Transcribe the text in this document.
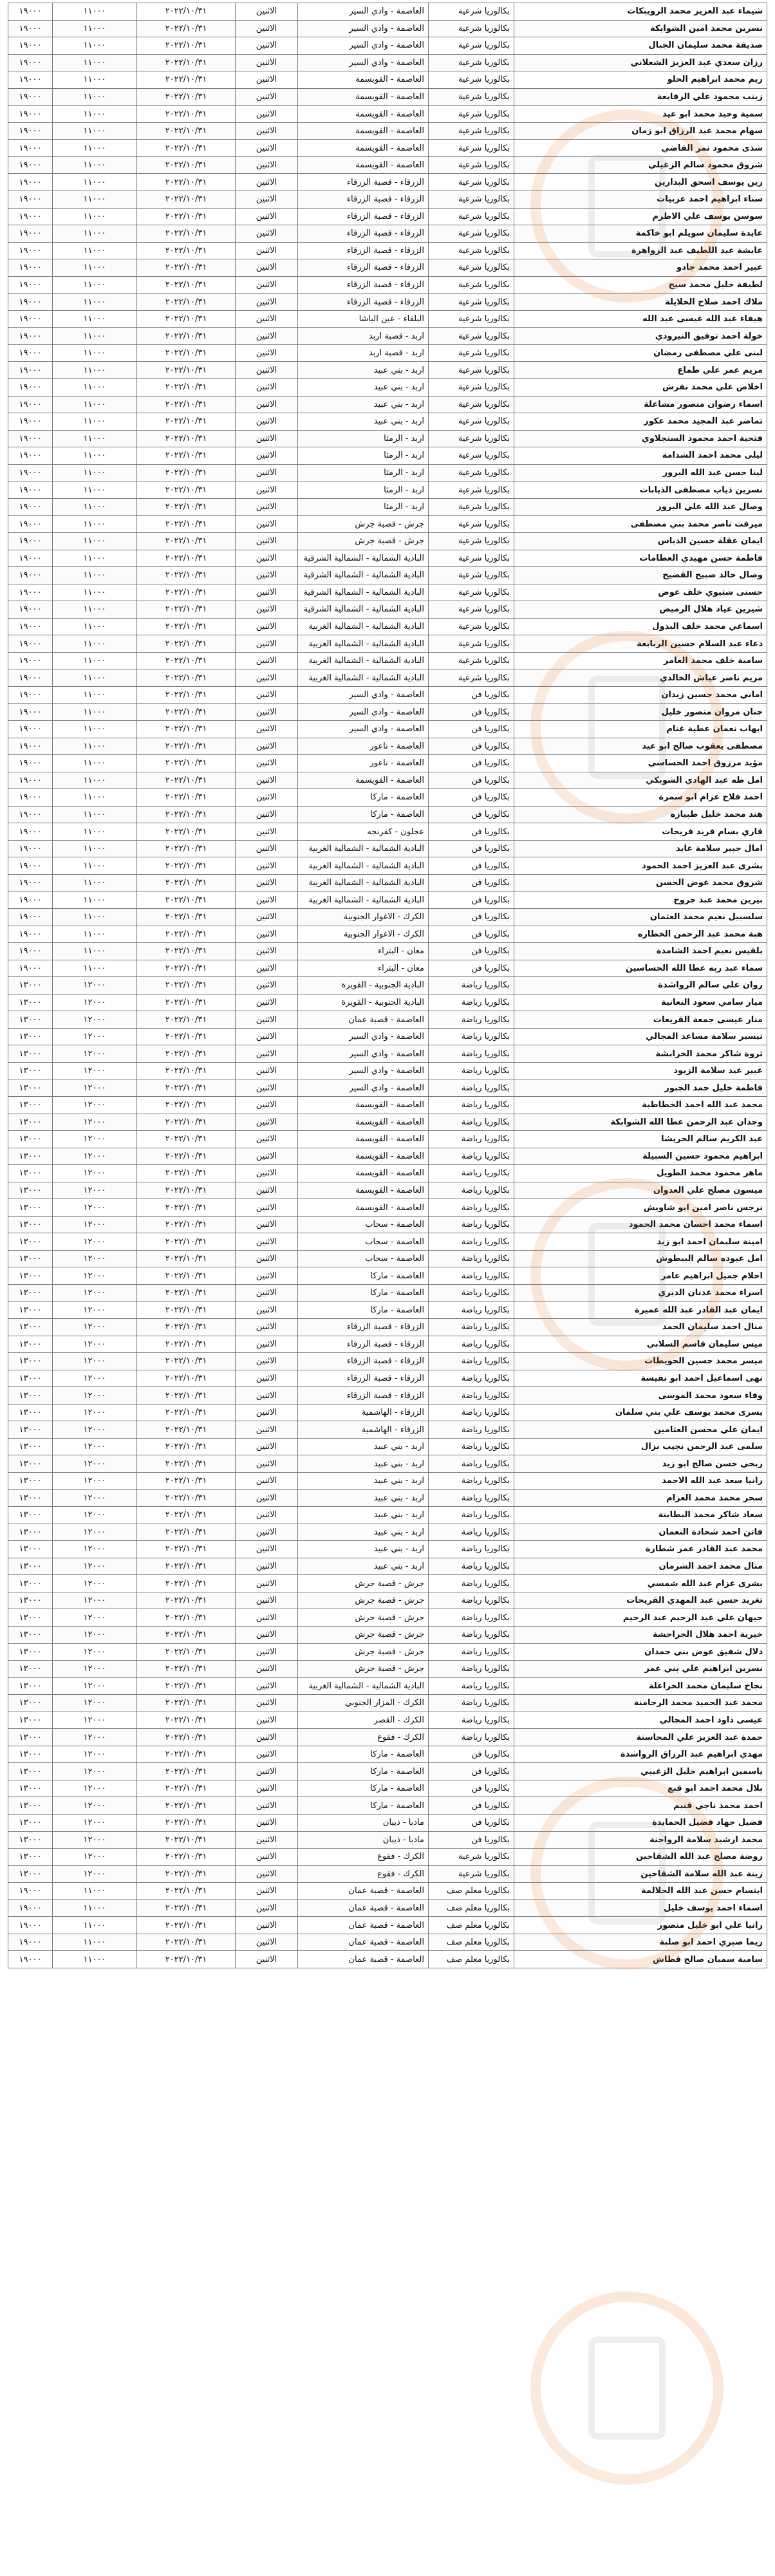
شيماء عبد العزيز محمد الرويبكات	بكالوريا شرعية	العاصمة - وادي السير	الاثنين	٢٠٢٢/١٠/٣١	١١٠٠٠	١٩٠٠٠
نسرين محمد امين الشوابكة	بكالوريا شرعية	العاصمة - وادي السير	الاثنين	٢٠٢٢/١٠/٣١	١١٠٠٠	١٩٠٠٠
صديقة محمد سليمان الجبال	بكالوريا شرعية	العاصمة - وادي السير	الاثنين	٢٠٢٢/١٠/٣١	١١٠٠٠	١٩٠٠٠
رزان سعدي عبد العزيز الشعلاني	بكالوريا شرعية	العاصمة - وادي السير	الاثنين	٢٠٢٢/١٠/٣١	١١٠٠٠	١٩٠٠٠
ريم محمد ابراهيم الحلو	بكالوريا شرعية	العاصمة - القويسمة	الاثنين	٢٠٢٢/١٠/٣١	١١٠٠٠	١٩٠٠٠
زينب محمود علي الرفايعة	بكالوريا شرعية	العاصمة - القويسمة	الاثنين	٢٠٢٢/١٠/٣١	١١٠٠٠	١٩٠٠٠
سمية وحيد محمد ابو عيد	بكالوريا شرعية	العاصمة - القويسمة	الاثنين	٢٠٢٢/١٠/٣١	١١٠٠٠	١٩٠٠٠
سهام محمد عبد الرزاق ابو زمان	بكالوريا شرعية	العاصمة - القويسمة	الاثنين	٢٠٢٢/١٠/٣١	١١٠٠٠	١٩٠٠٠
شذى محمود نمر القاضي	بكالوريا شرعية	العاصمة - القويسمة	الاثنين	٢٠٢٢/١٠/٣١	١١٠٠٠	١٩٠٠٠
شروق محمود سالم الزغيلي	بكالوريا شرعية	العاصمة - القويسمة	الاثنين	٢٠٢٢/١٠/٣١	١١٠٠٠	١٩٠٠٠
زين يوسف اسحق البدارين	بكالوريا شرعية	الزرقاء - قصبة الزرقاء	الاثنين	٢٠٢٢/١٠/٣١	١١٠٠٠	١٩٠٠٠
سناء ابراهيم احمد عربيات	بكالوريا شرعية	الزرقاء - قصبة الزرقاء	الاثنين	٢٠٢٢/١٠/٣١	١١٠٠٠	١٩٠٠٠
سوسن يوسف علي الاطرم	بكالوريا شرعية	الزرقاء - قصبة الزرقاء	الاثنين	٢٠٢٢/١٠/٣١	١١٠٠٠	١٩٠٠٠
عايدة سليمان سويلم ابو خاكمة	بكالوريا شرعية	الزرقاء - قصبة الزرقاء	الاثنين	٢٠٢٢/١٠/٣١	١١٠٠٠	١٩٠٠٠
عايشة عبد اللطيف عبد الزواهرة	بكالوريا شرعية	الزرقاء - قصبة الزرقاء	الاثنين	٢٠٢٢/١٠/٣١	١١٠٠٠	١٩٠٠٠
عبير احمد محمد جادو	بكالوريا شرعية	الزرقاء - قصبة الزرقاء	الاثنين	٢٠٢٢/١٠/٣١	١١٠٠٠	١٩٠٠٠
لطيفة خليل محمد سيح	بكالوريا شرعية	الزرقاء - قصبة الزرقاء	الاثنين	٢٠٢٢/١٠/٣١	١١٠٠٠	١٩٠٠٠
ملاك احمد صلاح الخلايلة	بكالوريا شرعية	الزرقاء - قصبة الزرقاء	الاثنين	٢٠٢٢/١٠/٣١	١١٠٠٠	١٩٠٠٠
هيفاء عبد الله عيسى عبد الله	بكالوريا شرعية	البلقاء - عين الباشا	الاثنين	٢٠٢٢/١٠/٣١	١١٠٠٠	١٩٠٠٠
خولة احمد توفيق النيرودي	بكالوريا شرعية	اربد - قصبة اربد	الاثنين	٢٠٢٢/١٠/٣١	١١٠٠٠	١٩٠٠٠
لبنى علي مصطفى رمضان	بكالوريا شرعية	اربد - قصبة اربد	الاثنين	٢٠٢٢/١٠/٣١	١١٠٠٠	١٩٠٠٠
مريم عمر علي طماع	بكالوريا شرعية	اربد - بني عبيد	الاثنين	٢٠٢٢/١٠/٣١	١١٠٠٠	١٩٠٠٠
اخلاص علي محمد نفرش	بكالوريا شرعية	اربد - بني عبيد	الاثنين	٢٠٢٢/١٠/٣١	١١٠٠٠	١٩٠٠٠
اسماء رضوان منصور مشاعلة	بكالوريا شرعية	اربد - بني عبيد	الاثنين	٢٠٢٢/١٠/٣١	١١٠٠٠	١٩٠٠٠
تماضر عبد المجيد محمد عكور	بكالوريا شرعية	اربد - بني عبيد	الاثنين	٢٠٢٢/١٠/٣١	١١٠٠٠	١٩٠٠٠
فتحية احمد محمود السنجلاوي	بكالوريا شرعية	اربد - الرمثا	الاثنين	٢٠٢٢/١٠/٣١	١١٠٠٠	١٩٠٠٠
ليلى محمد احمد الشدامة	بكالوريا شرعية	اربد - الرمثا	الاثنين	٢٠٢٢/١٠/٣١	١١٠٠٠	١٩٠٠٠
لينا حسن عبد الله البرور	بكالوريا شرعية	اربد - الرمثا	الاثنين	٢٠٢٢/١٠/٣١	١١٠٠٠	١٩٠٠٠
نسرين ذياب مصطفى الذيابات	بكالوريا شرعية	اربد - الرمثا	الاثنين	٢٠٢٢/١٠/٣١	١١٠٠٠	١٩٠٠٠
وصال عبد الله علي البرور	بكالوريا شرعية	اربد - الرمثا	الاثنين	٢٠٢٢/١٠/٣١	١١٠٠٠	١٩٠٠٠
ميرفت ناصر محمد بني مصطفى	بكالوريا شرعية	جرش - قصبة جرش	الاثنين	٢٠٢٢/١٠/٣١	١١٠٠٠	١٩٠٠٠
ايمان عقلة حسين الدباس	بكالوريا شرعية	جرش - قصبة جرش	الاثنين	٢٠٢٢/١٠/٣١	١١٠٠٠	١٩٠٠٠
فاطمة حسن مهيدي العطامات	بكالوريا شرعية	البادية الشمالية - الشمالية الشرقية	الاثنين	٢٠٢٢/١٠/٣١	١١٠٠٠	١٩٠٠٠
وصال خالد صبيح القضيح	بكالوريا شرعية	البادية الشمالية - الشمالية الشرقية	الاثنين	٢٠٢٢/١٠/٣١	١١٠٠٠	١٩٠٠٠
حسنى شتيوي خلف عوض	بكالوريا شرعية	البادية الشمالية - الشمالية الشرقية	الاثنين	٢٠٢٢/١٠/٣١	١١٠٠٠	١٩٠٠٠
شيرين عياد هلال الرميض	بكالوريا شرعية	البادية الشمالية - الشمالية الشرقية	الاثنين	٢٠٢٢/١٠/٣١	١١٠٠٠	١٩٠٠٠
اسماعي محمد خلف البدول	بكالوريا شرعية	البادية الشمالية - الشمالية الغربية	الاثنين	٢٠٢٢/١٠/٣١	١١٠٠٠	١٩٠٠٠
دعاء عبد السلام حسين الربابعة	بكالوريا شرعية	البادية الشمالية - الشمالية الغربية	الاثنين	٢٠٢٢/١٠/٣١	١١٠٠٠	١٩٠٠٠
سامية خلف محمد العامر	بكالوريا شرعية	البادية الشمالية - الشمالية الغربية	الاثنين	٢٠٢٢/١٠/٣١	١١٠٠٠	١٩٠٠٠
مريم ناصر عياش الخالدي	بكالوريا شرعية	البادية الشمالية - الشمالية الغربية	الاثنين	٢٠٢٢/١٠/٣١	١١٠٠٠	١٩٠٠٠
اماني محمد حسين زيدان	بكالوريا فن	العاصمة - وادي السير	الاثنين	٢٠٢٢/١٠/٣١	١١٠٠٠	١٩٠٠٠
جنان مروان منصور خليل	بكالوريا فن	العاصمة - وادي السير	الاثنين	٢٠٢٢/١٠/٣١	١١٠٠٠	١٩٠٠٠
ايهاب نعمان عطية غنام	بكالوريا فن	العاصمة - وادي السير	الاثنين	٢٠٢٢/١٠/٣١	١١٠٠٠	١٩٠٠٠
مصطفى يعقوب صالح ابو عيد	بكالوريا فن	العاصمة - ناعور	الاثنين	٢٠٢٢/١٠/٣١	١١٠٠٠	١٩٠٠٠
مؤيد مرزوق احمد الحساسي	بكالوريا فن	العاصمة - ناعور	الاثنين	٢٠٢٢/١٠/٣١	١١٠٠٠	١٩٠٠٠
امل طه عبد الهادي الشوبكي	بكالوريا فن	العاصمة - القويسمة	الاثنين	٢٠٢٢/١٠/٣١	١١٠٠٠	١٩٠٠٠
احمد فلاح عزام ابو سمرة	بكالوريا فن	العاصمة - ماركا	الاثنين	٢٠٢٢/١٠/٣١	١١٠٠٠	١٩٠٠٠
هند محمد خليل طبيازه	بكالوريا فن	العاصمة - ماركا	الاثنين	٢٠٢٢/١٠/٣١	١١٠٠٠	١٩٠٠٠
قاري بسام فريد فريحات	بكالوريا فن	عجلون - كفرنجه	الاثنين	٢٠٢٢/١٠/٣١	١١٠٠٠	١٩٠٠٠
امال جبير سلامة عابد	بكالوريا فن	البادية الشمالية - الشمالية الغربية	الاثنين	٢٠٢٢/١٠/٣١	١١٠٠٠	١٩٠٠٠
بشرى عبد العزيز احمد الحمود	بكالوريا فن	البادية الشمالية - الشمالية الغربية	الاثنين	٢٠٢٢/١٠/٣١	١١٠٠٠	١٩٠٠٠
شروق محمد عوض الحسن	بكالوريا فن	البادية الشمالية - الشمالية الغربية	الاثنين	٢٠٢٢/١٠/٣١	١١٠٠٠	١٩٠٠٠
بيرين محمد عبد جروح	بكالوريا فن	البادية الشمالية - الشمالية الغربية	الاثنين	٢٠٢٢/١٠/٣١	١١٠٠٠	١٩٠٠٠
سلسبيل نعيم محمد العثمان	بكالوريا فن	الكرك - الاغوار الجنوبية	الاثنين	٢٠٢٢/١٠/٣١	١١٠٠٠	١٩٠٠٠
هبة محمد عبد الرحمن الخطاره	بكالوريا فن	الكرك - الاغوار الجنوبية	الاثنين	٢٠٢٢/١٠/٣١	١١٠٠٠	١٩٠٠٠
بلقيس نعيم احمد الشامدة	بكالوريا فن	معان - البتراء	الاثنين	٢٠٢٢/١٠/٣١	١١٠٠٠	١٩٠٠٠
سماء عبد ربه عطا الله الحساسين	بكالوريا فن	معان - البتراء	الاثنين	٢٠٢٢/١٠/٣١	١١٠٠٠	١٩٠٠٠
روان علي سالم الرواشدة	بكالوريا رياضة	البادية الجنوبية - القويرة	الاثنين	٢٠٢٢/١٠/٣١	١٢٠٠٠	١٣٠٠٠
ميار سامي سعود النعانية	بكالوريا رياضة	البادية الجنوبية - القويرة	الاثنين	٢٠٢٢/١٠/٣١	١٢٠٠٠	١٣٠٠٠
منار عيسى جمعة القريعات	بكالوريا رياضة	العاصمة - قصبة عمان	الاثنين	٢٠٢٢/١٠/٣١	١٢٠٠٠	١٣٠٠٠
تيسير سلامة مساعد المجالي	بكالوريا رياضة	العاصمة - وادي السير	الاثنين	٢٠٢٢/١٠/٣١	١٢٠٠٠	١٣٠٠٠
ثروة شاكر محمد الخرابشة	بكالوريا رياضة	العاصمة - وادي السير	الاثنين	٢٠٢٢/١٠/٣١	١٢٠٠٠	١٣٠٠٠
عبير عيد سلامة الزيود	بكالوريا رياضة	العاصمة - وادي السير	الاثنين	٢٠٢٢/١٠/٣١	١٢٠٠٠	١٣٠٠٠
فاطمة خليل حمد الجبور	بكالوريا رياضة	العاصمة - وادي السير	الاثنين	٢٠٢٢/١٠/٣١	١٢٠٠٠	١٣٠٠٠
محمد عبد الله احمد الخطاطبة	بكالوريا رياضة	العاصمة - القويسمة	الاثنين	٢٠٢٢/١٠/٣١	١٢٠٠٠	١٣٠٠٠
وجدان عبد الرحمن عطا الله الشوابكة	بكالوريا رياضة	العاصمة - القويسمة	الاثنين	٢٠٢٢/١٠/٣١	١٢٠٠٠	١٣٠٠٠
عبد الكريم سالم الخريشا	بكالوريا رياضة	العاصمة - القويسمة	الاثنين	٢٠٢٢/١٠/٣١	١٢٠٠٠	١٣٠٠٠
ابراهيم محمود حسين السبيلة	بكالوريا رياضة	العاصمة - القويسمة	الاثنين	٢٠٢٢/١٠/٣١	١٢٠٠٠	١٣٠٠٠
ماهر محمود محمد الطويل	بكالوريا رياضة	العاصمة - القويسمة	الاثنين	٢٠٢٢/١٠/٣١	١٢٠٠٠	١٣٠٠٠
ميسون مصلح علي العدوان	بكالوريا رياضة	العاصمة - القويسمة	الاثنين	٢٠٢٢/١٠/٣١	١٢٠٠٠	١٣٠٠٠
نرجس ناصر امين ابو شاويش	بكالوريا رياضة	العاصمة - القويسمة	الاثنين	٢٠٢٢/١٠/٣١	١٢٠٠٠	١٣٠٠٠
اسماء محمد احسان محمد الحمود	بكالوريا رياضة	العاصمة - سحاب	الاثنين	٢٠٢٢/١٠/٣١	١٢٠٠٠	١٣٠٠٠
امينة سليمان احمد ابو زيد	بكالوريا رياضة	العاصمة - سحاب	الاثنين	٢٠٢٢/١٠/٣١	١٢٠٠٠	١٣٠٠٠
امل عبوده سالم البيطوش	بكالوريا رياضة	العاصمة - سحاب	الاثنين	٢٠٢٢/١٠/٣١	١٢٠٠٠	١٣٠٠٠
احلام جميل ابراهيم عامر	بكالوريا رياضة	العاصمة - ماركا	الاثنين	٢٠٢٢/١٠/٣١	١٢٠٠٠	١٣٠٠٠
اسراء محمد عدنان الديري	بكالوريا رياضة	العاصمة - ماركا	الاثنين	٢٠٢٢/١٠/٣١	١٢٠٠٠	١٣٠٠٠
ايمان عبد القادر عبد الله عميرة	بكالوريا رياضة	العاصمة - ماركا	الاثنين	٢٠٢٢/١٠/٣١	١٢٠٠٠	١٣٠٠٠
منال احمد سليمان الحمد	بكالوريا رياضة	الزرقاء - قصبة الزرقاء	الاثنين	٢٠٢٢/١٠/٣١	١٢٠٠٠	١٣٠٠٠
ميس سليمان قاسم السلابي	بكالوريا رياضة	الزرقاء - قصبة الزرقاء	الاثنين	٢٠٢٢/١٠/٣١	١٢٠٠٠	١٣٠٠٠
ميسر محمد حسين الحويطات	بكالوريا رياضة	الزرقاء - قصبة الزرقاء	الاثنين	٢٠٢٢/١٠/٣١	١٢٠٠٠	١٣٠٠٠
نهى اسماعيل احمد ابو نفيسة	بكالوريا رياضة	الزرقاء - قصبة الزرقاء	الاثنين	٢٠٢٢/١٠/٣١	١٢٠٠٠	١٣٠٠٠
وفاء سعود محمد الموسى	بكالوريا رياضة	الزرقاء - قصبة الزرقاء	الاثنين	٢٠٢٢/١٠/٣١	١٢٠٠٠	١٣٠٠٠
يسرى محمد يوسف علي بني سلمان	بكالوريا رياضة	الزرقاء - الهاشمية	الاثنين	٢٠٢٢/١٠/٣١	١٢٠٠٠	١٣٠٠٠
ايمان علي محسن العثامين	بكالوريا رياضة	الزرقاء - الهاشمية	الاثنين	٢٠٢٢/١٠/٣١	١٢٠٠٠	١٣٠٠٠
سلمى عبد الرحمن نجيب نزال	بكالوريا رياضة	اربد - بني عبيد	الاثنين	٢٠٢٢/١٠/٣١	١٢٠٠٠	١٣٠٠٠
ربحي حسن صالح ابو زيد	بكالوريا رياضة	اربد - بني عبيد	الاثنين	٢٠٢٢/١٠/٣١	١٢٠٠٠	١٣٠٠٠
رانيا سعد عبد الله الاحمد	بكالوريا رياضة	اربد - بني عبيد	الاثنين	٢٠٢٢/١٠/٣١	١٢٠٠٠	١٣٠٠٠
سحر محمد محمد العزام	بكالوريا رياضة	اربد - بني عبيد	الاثنين	٢٠٢٢/١٠/٣١	١٢٠٠٠	١٣٠٠٠
سعاد شاكر محمد البطاينة	بكالوريا رياضة	اربد - بني عبيد	الاثنين	٢٠٢٢/١٠/٣١	١٢٠٠٠	١٣٠٠٠
فاتن احمد شحادة النعمان	بكالوريا رياضة	اربد - بني عبيد	الاثنين	٢٠٢٢/١٠/٣١	١٢٠٠٠	١٣٠٠٠
محمد عبد القادر عمر شطارة	بكالوريا رياضة	اربد - بني عبيد	الاثنين	٢٠٢٢/١٠/٣١	١٢٠٠٠	١٣٠٠٠
منال محمد احمد الشرمان	بكالوريا رياضة	اربد - بني عبيد	الاثنين	٢٠٢٢/١٠/٣١	١٢٠٠٠	١٣٠٠٠
بشرى عزام عبد الله شمسي	بكالوريا رياضة	جرش - قصبة جرش	الاثنين	٢٠٢٢/١٠/٣١	١٢٠٠٠	١٣٠٠٠
تغريد حسن عبد المهدي القريحات	بكالوريا رياضة	جرش - قصبة جرش	الاثنين	٢٠٢٢/١٠/٣١	١٢٠٠٠	١٣٠٠٠
جيهان علي عبد الرحيم عبد الرحيم	بكالوريا رياضة	جرش - قصبة جرش	الاثنين	٢٠٢٢/١٠/٣١	١٢٠٠٠	١٣٠٠٠
خيرية احمد هلال الحراحشة	بكالوريا رياضة	جرش - قصبة جرش	الاثنين	٢٠٢٢/١٠/٣١	١٢٠٠٠	١٣٠٠٠
دلال شفيق عوض بني حمدان	بكالوريا رياضة	جرش - قصبة جرش	الاثنين	٢٠٢٢/١٠/٣١	١٢٠٠٠	١٣٠٠٠
نسرين ابراهيم علي بني عمر	بكالوريا رياضة	جرش - قصبة جرش	الاثنين	٢٠٢٢/١٠/٣١	١٢٠٠٠	١٣٠٠٠
نجاح سليمان محمد الخزاعلة	بكالوريا رياضة	البادية الشمالية - الشمالية الغربية	الاثنين	٢٠٢٢/١٠/٣١	١٢٠٠٠	١٣٠٠٠
محمد عبد الحميد محمد الرحامنة	بكالوريا رياضة	الكرك - المزار الجنوبي	الاثنين	٢٠٢٢/١٠/٣١	١٢٠٠٠	١٣٠٠٠
عيسى داود احمد المجالي	بكالوريا رياضة	الكرك - القصر	الاثنين	٢٠٢٢/١٠/٣١	١٢٠٠٠	١٣٠٠٠
حمدة عبد العزيز علي المحاسنة	بكالوريا رياضة	الكرك - فقوع	الاثنين	٢٠٢٢/١٠/٣١	١٢٠٠٠	١٣٠٠٠
مهدي ابراهيم عبد الرزاق الرواشدة	بكالوريا فن	العاصمة - ماركا	الاثنين	٢٠٢٢/١٠/٣١	١٢٠٠٠	١٣٠٠٠
ياسمين ابراهيم خليل الزغيبي	بكالوريا فن	العاصمة - ماركا	الاثنين	٢٠٢٢/١٠/٣١	١٢٠٠٠	١٣٠٠٠
بلال محمد احمد ابو قبع	بكالوريا فن	العاصمة - ماركا	الاثنين	٢٠٢٢/١٠/٣١	١٢٠٠٠	١٣٠٠٠
احمد محمد ناجي قنيم	بكالوريا فن	العاصمة - ماركا	الاثنين	٢٠٢٢/١٠/٣١	١٢٠٠٠	١٣٠٠٠
فضيل جهاد فضيل الحمايدة	بكالوريا فن	مادبا - ذيبان	الاثنين	٢٠٢٢/١٠/٣١	١٢٠٠٠	١٣٠٠٠
محمد ارشيد سلامة الرواحنة	بكالوريا فن	مادبا - ذيبان	الاثنين	٢٠٢٢/١٠/٣١	١٢٠٠٠	١٣٠٠٠
روضة مصلح عبد الله الشقاحين	بكالوريا شرعية	الكرك - فقوع	الاثنين	٢٠٢٢/١٠/٣١	١٢٠٠٠	١٣٠٠٠
زينة عبد الله سلامة الشقاحين	بكالوريا شرعية	الكرك - فقوع	الاثنين	٢٠٢٢/١٠/٣١	١٢٠٠٠	١٣٠٠٠
ابتسام حسن عبد الله الحلالمة	بكالوريا معلم صف	العاصمة - قصبة عمان	الاثنين	٢٠٢٢/١٠/٣١	١١٠٠٠	١٩٠٠٠
اسماء احمد يوسف خليل	بكالوريا معلم صف	العاصمة - قصبة عمان	الاثنين	٢٠٢٢/١٠/٣١	١١٠٠٠	١٩٠٠٠
رانيا علي ابو خليل منصور	بكالوريا معلم صف	العاصمة - قصبة عمان	الاثنين	٢٠٢٢/١٠/٣١	١١٠٠٠	١٩٠٠٠
ريما صبري احمد ابو صلبة	بكالوريا معلم صف	العاصمة - قصبة عمان	الاثنين	٢٠٢٢/١٠/٣١	١١٠٠٠	١٩٠٠٠
سامية سميان صالح قطاش	بكالوريا معلم صف	العاصمة - قصبة عمان	الاثنين	٢٠٢٢/١٠/٣١	١١٠٠٠	١٩٠٠٠
